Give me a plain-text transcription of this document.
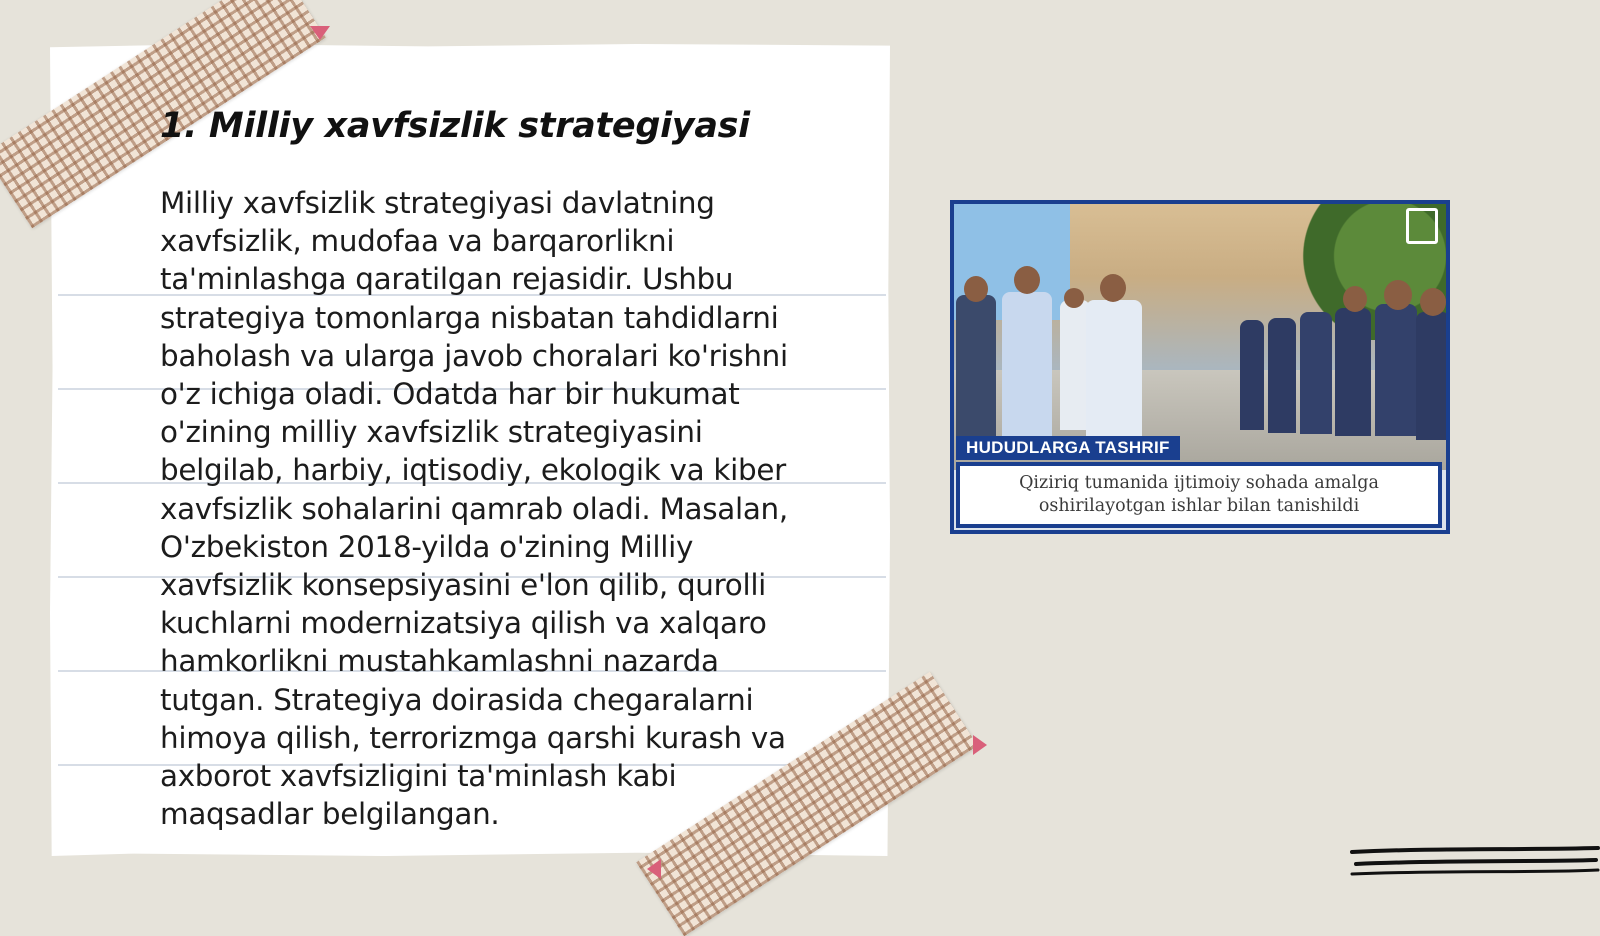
1. Milliy xavfsizlik strategiyasi

Milliy xavfsizlik strategiyasi davlatning xavfsizlik, mudofaa va barqarorlikni ta'minlashga qaratilgan rejasidir. Ushbu strategiya tomonlarga nisbatan tahdidlarni baholash va ularga javob choralari ko'rishni o'z ichiga oladi. Odatda har bir hukumat o'zining milliy xavfsizlik strategiyasini belgilab, harbiy, iqtisodiy, ekologik va kiber xavfsizlik sohalarini qamrab oladi. Masalan, O'zbekiston 2018-yilda o'zining Milliy xavfsizlik konsepsiyasini e'lon qilib, qurolli kuchlarni modernizatsiya qilish va xalqaro hamkorlikni mustahkamlashni nazarda tutgan. Strategiya doirasida chegaralarni himoya qilish, terrorizmga qarshi kurash va axborot xavfsizligini ta'minlash kabi maqsadlar belgilangan.

HUDUDLARGA TASHRIF
Qiziriq tumanida ijtimoiy sohada amalga
oshirilayotgan ishlar bilan tanishildi
